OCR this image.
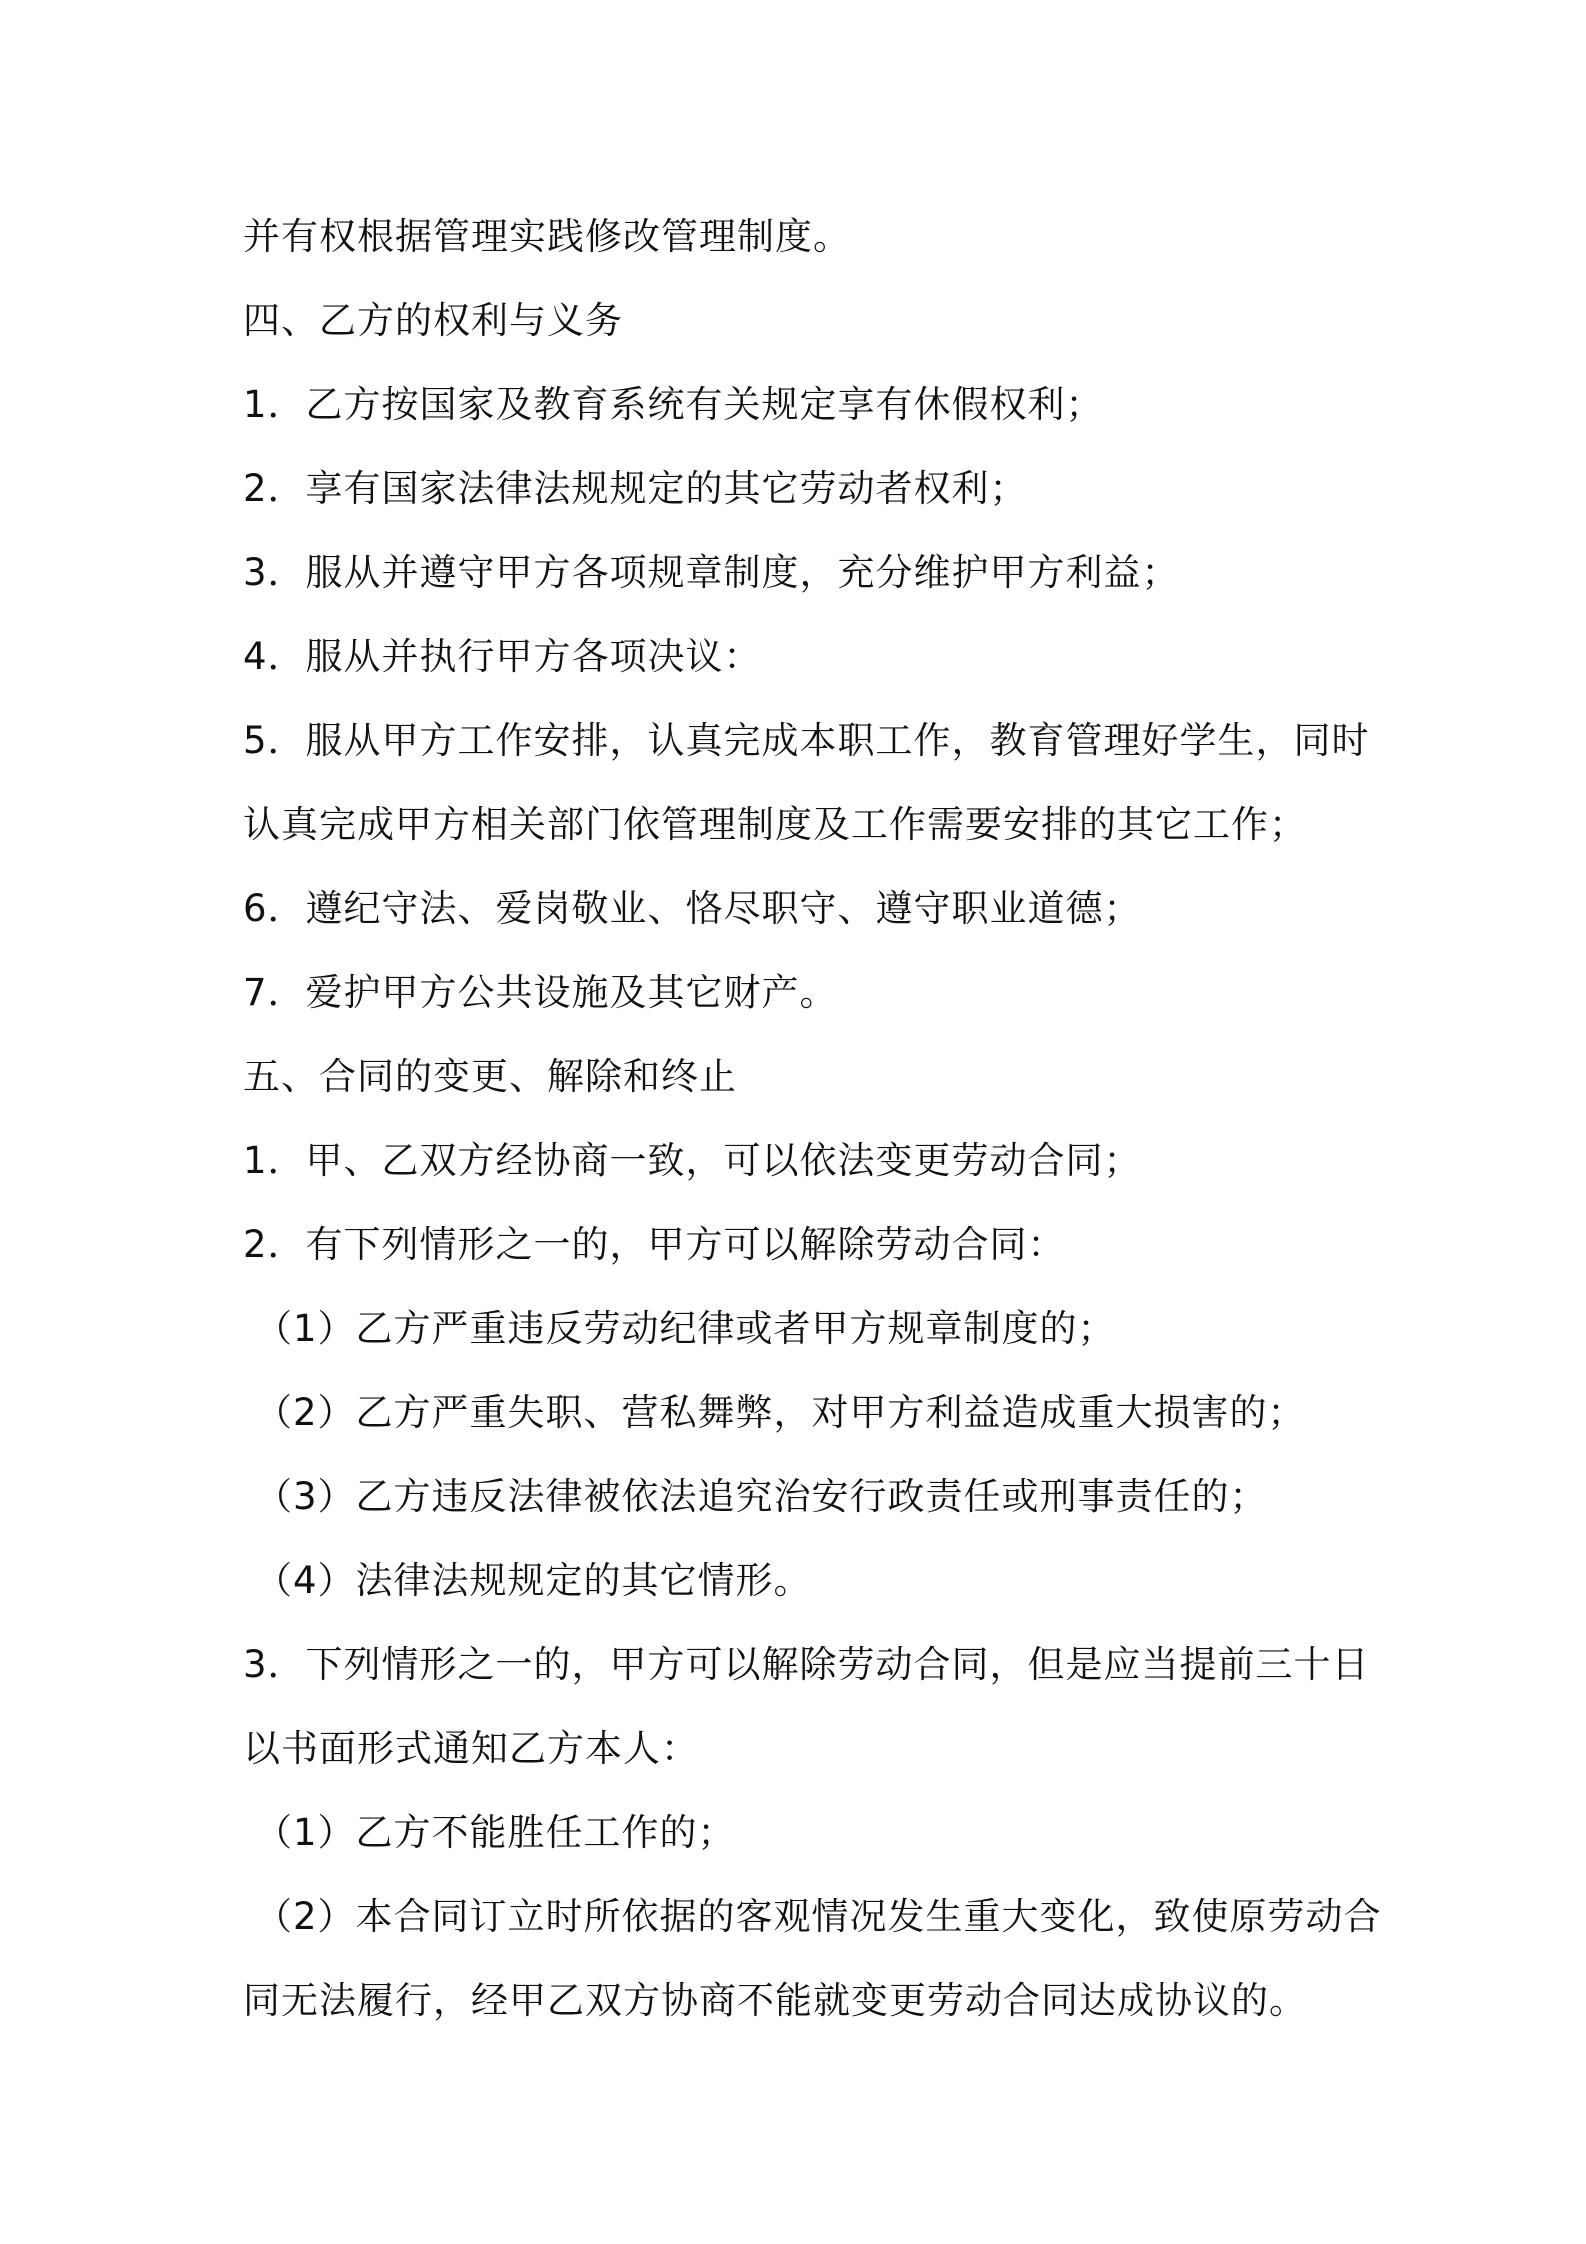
并有权根据管理实践修改管理制度。
四、乙方的权利与义务
1．乙方按国家及教育系统有关规定享有休假权利；
2．享有国家法律法规规定的其它劳动者权利；
3．服从并遵守甲方各项规章制度，充分维护甲方利益；
4．服从并执行甲方各项决议：
5．服从甲方工作安排，认真完成本职工作，教育管理好学生，同时
认真完成甲方相关部门依管理制度及工作需要安排的其它工作；
6．遵纪守法、爱岗敬业、恪尽职守、遵守职业道德；
7．爱护甲方公共设施及其它财产。
五、合同的变更、解除和终止
1．甲、乙双方经协商一致，可以依法变更劳动合同；
2．有下列情形之一的，甲方可以解除劳动合同：
（1）乙方严重违反劳动纪律或者甲方规章制度的；
（2）乙方严重失职、营私舞弊，对甲方利益造成重大损害的；
（3）乙方违反法律被依法追究治安行政责任或刑事责任的；
（4）法律法规规定的其它情形。
3．下列情形之一的，甲方可以解除劳动合同，但是应当提前三十日
以书面形式通知乙方本人：
（1）乙方不能胜任工作的；
（2）本合同订立时所依据的客观情况发生重大变化，致使原劳动合
同无法履行，经甲乙双方协商不能就变更劳动合同达成协议的。
